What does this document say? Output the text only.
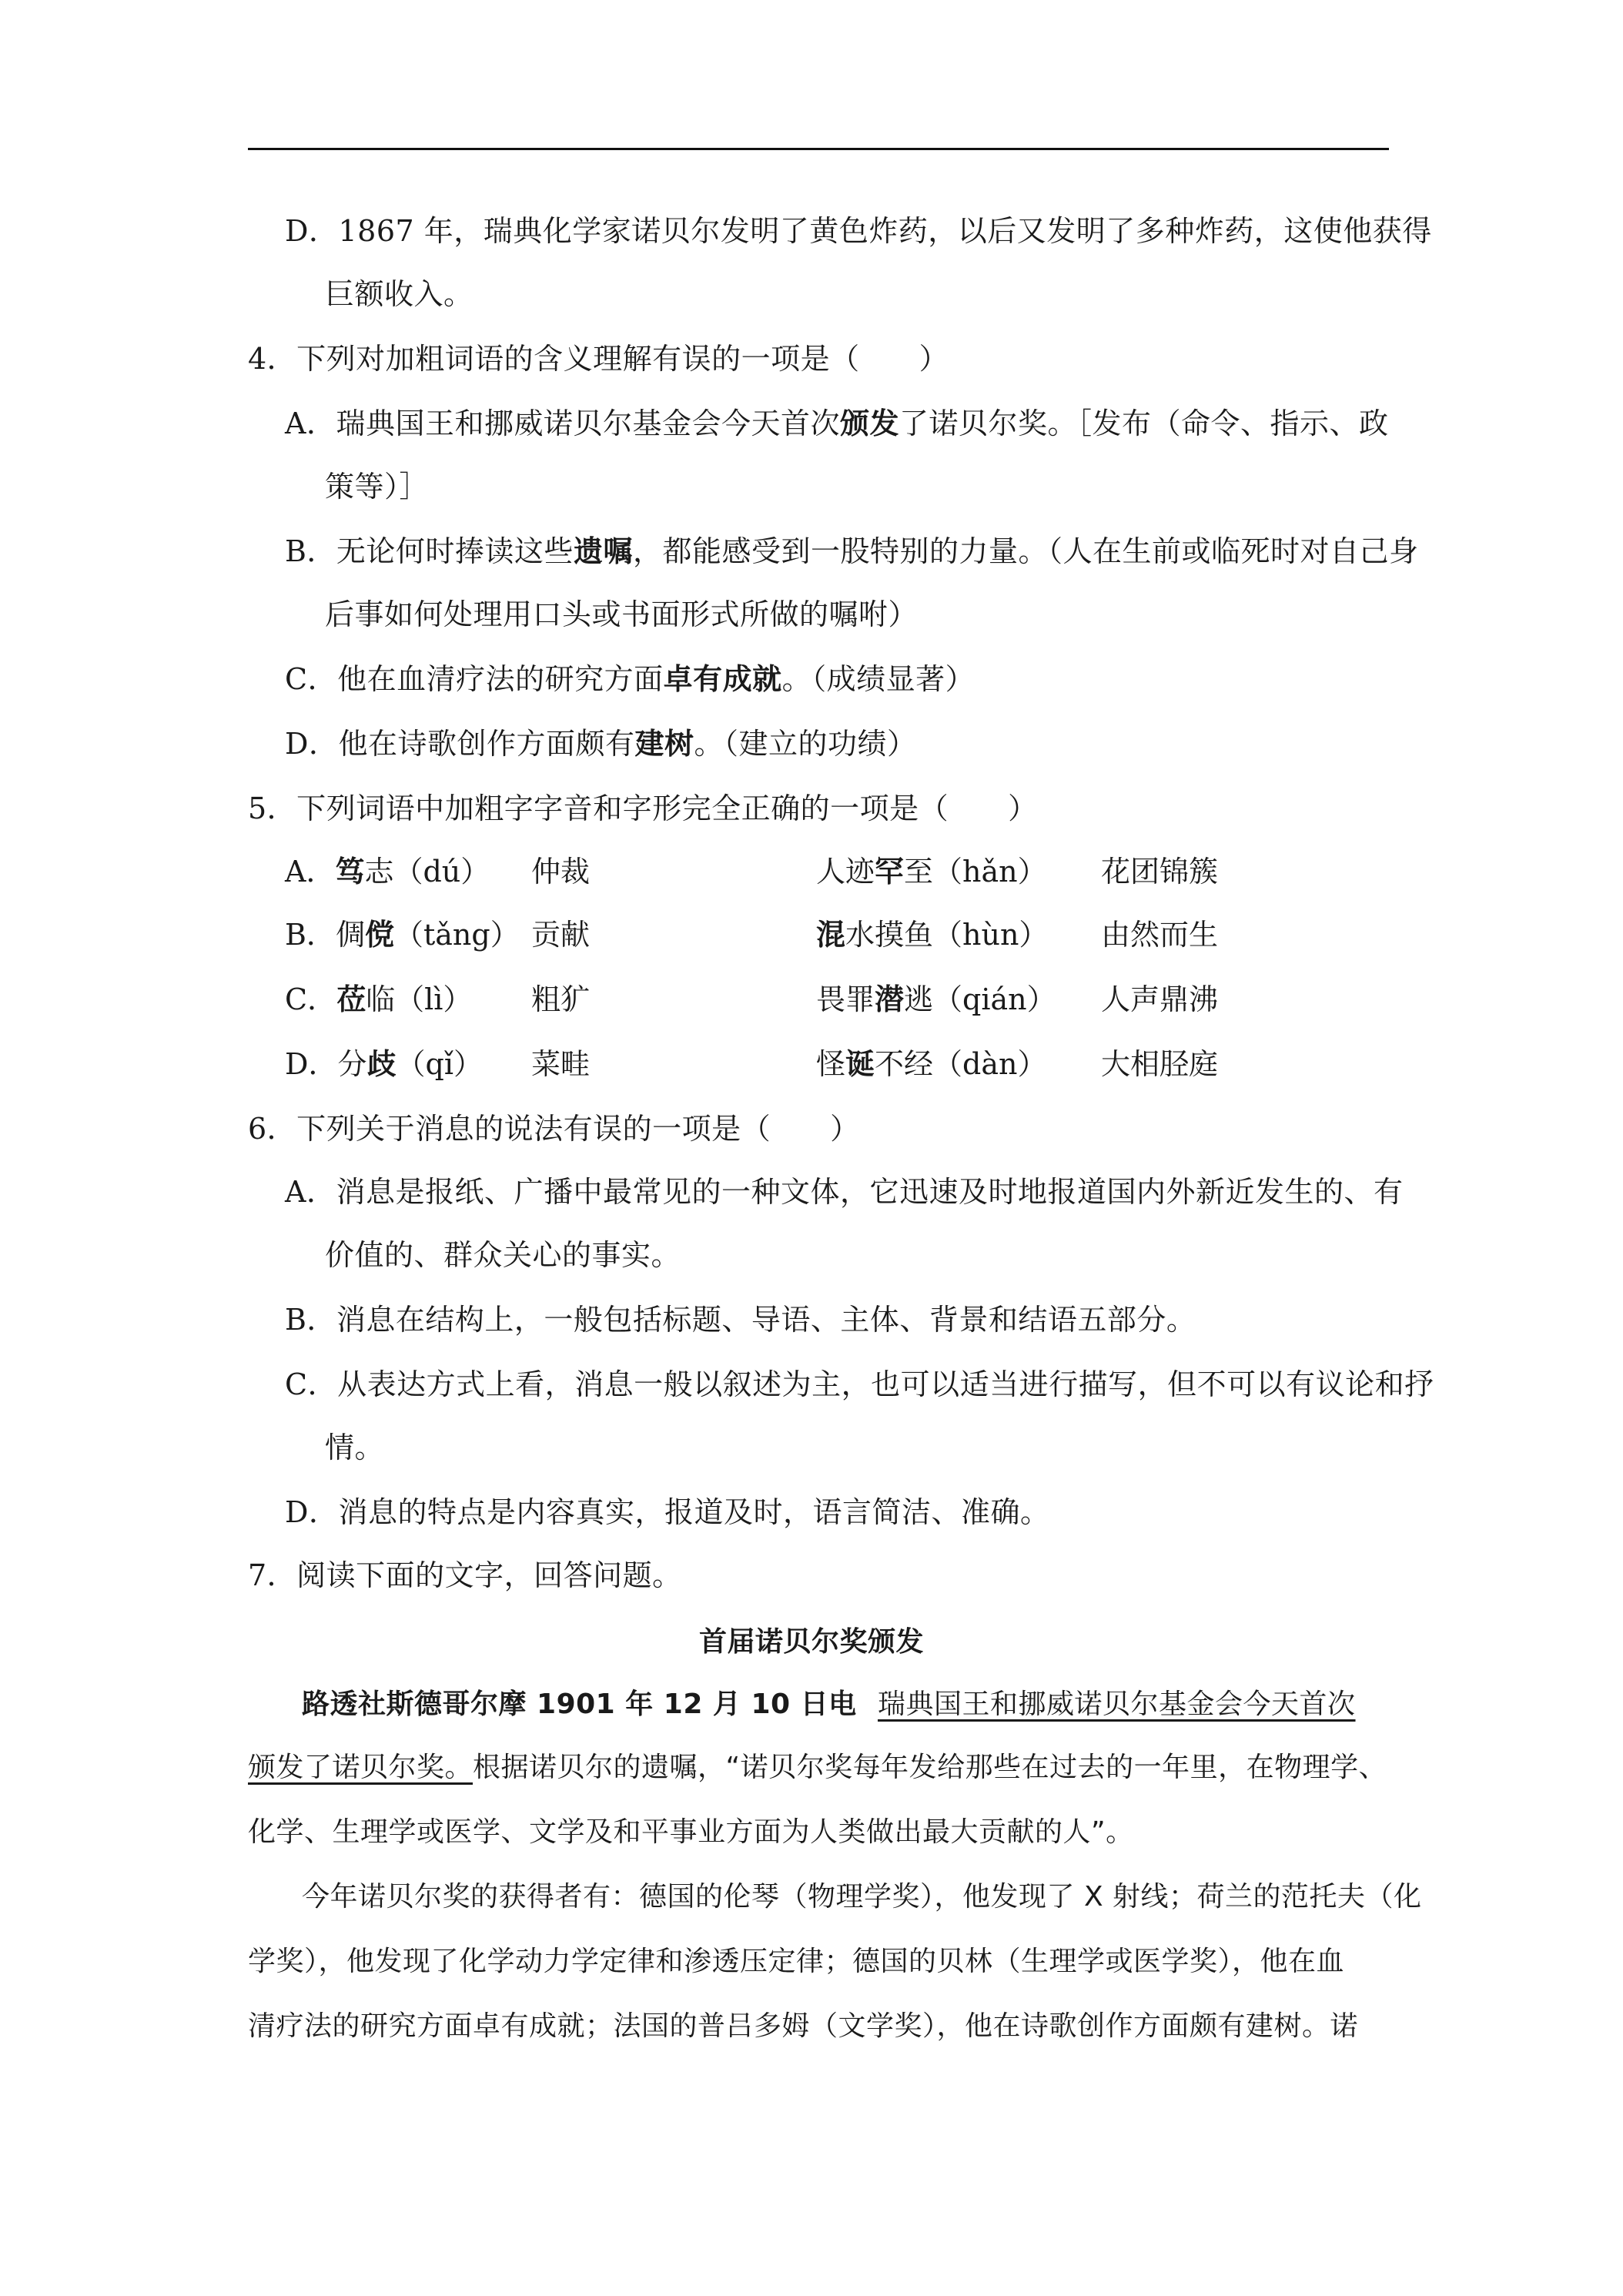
D．1867 年，瑞典化学家诺贝尔发明了黄色炸药，以后又发明了多种炸药，这使他获得
巨额收入。
4．下列对加粗词语的含义理解有误的一项是（　　）
A．瑞典国王和挪威诺贝尔基金会今天首次颁发了诺贝尔奖。［发布（命令、指示、政
策等）］
B．无论何时捧读这些遗嘱，都能感受到一股特别的力量。（人在生前或临死时对自己身
后事如何处理用口头或书面形式所做的嘱咐）
C．他在血清疗法的研究方面卓有成就。（成绩显著）
D．他在诗歌创作方面颇有建树。（建立的功绩）
5．下列词语中加粗字字音和字形完全正确的一项是（　　）
A．笃志（dú） 仲裁	人迹罕至（hǎn） 花团锦簇
B．倜傥（tǎng） 贡献	混水摸鱼（hùn） 由然而生
C．莅临（lì） 粗犷	畏罪潜逃（qián） 人声鼎沸
D．分歧（qǐ） 菜畦	怪诞不经（dàn） 大相胫庭
6．下列关于消息的说法有误的一项是（　　）
A．消息是报纸、广播中最常见的一种文体，它迅速及时地报道国内外新近发生的、有
价值的、群众关心的事实。
B．消息在结构上，一般包括标题、导语、主体、背景和结语五部分。
C．从表达方式上看，消息一般以叙述为主，也可以适当进行描写，但不可以有议论和抒
情。
D．消息的特点是内容真实，报道及时，语言简洁、准确。
7．阅读下面的文字，回答问题。
首届诺贝尔奖颁发
路透社斯德哥尔摩 1901 年 12 月 10 日电 瑞典国王和挪威诺贝尔基金会今天首次
颁发了诺贝尔奖。根据诺贝尔的遗嘱，“诺贝尔奖每年发给那些在过去的一年里，在物理学、
化学、生理学或医学、文学及和平事业方面为人类做出最大贡献的人”。
今年诺贝尔奖的获得者有：德国的伦琴（物理学奖），他发现了 X 射线；荷兰的范托夫（化
学奖），他发现了化学动力学定律和渗透压定律；德国的贝林（生理学或医学奖），他在血
清疗法的研究方面卓有成就；法国的普吕多姆（文学奖），他在诗歌创作方面颇有建树。诺
